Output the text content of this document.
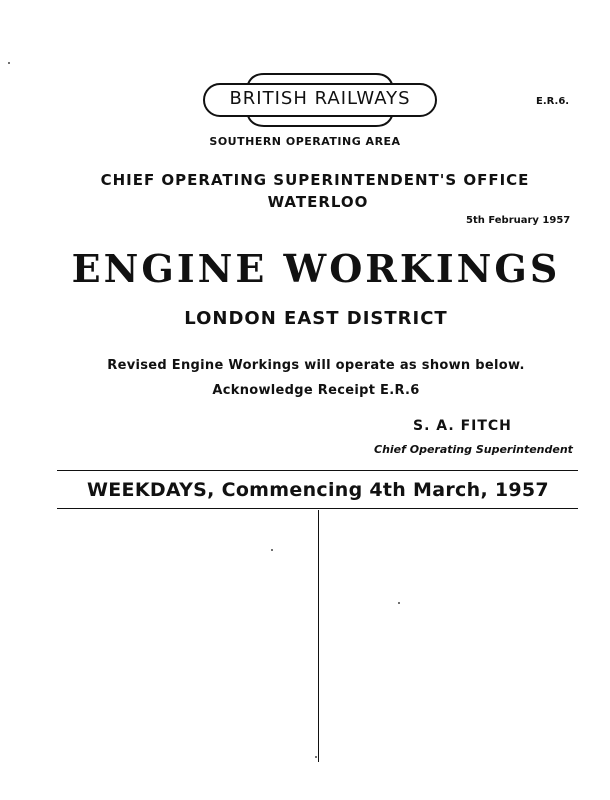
E.R.6.
BRITISH RAILWAYS
SOUTHERN OPERATING AREA
CHIEF OPERATING SUPERINTENDENT'S OFFICE
WATERLOO
5th February 1957
ENGINE WORKINGS
LONDON EAST DISTRICT
Revised Engine Workings will operate as shown below.
Acknowledge Receipt E.R.6
S. A. FITCH
Chief Operating Superintendent
WEEKDAYS, Commencing 4th March, 1957
